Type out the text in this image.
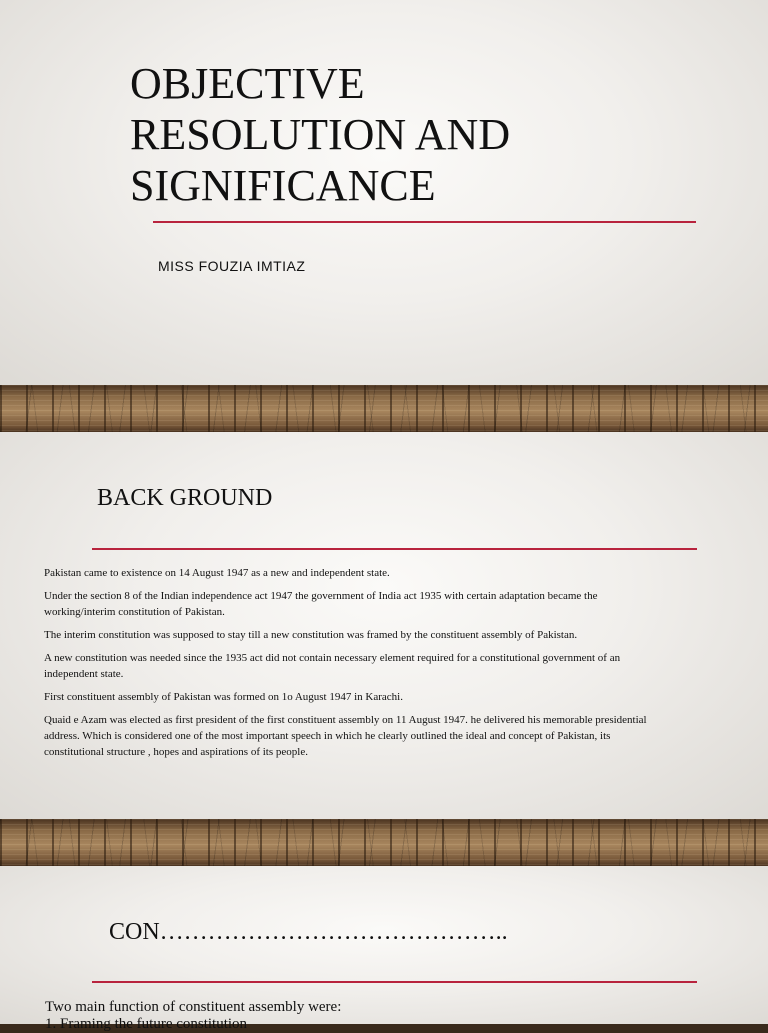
OBJECTIVE
RESOLUTION AND
SIGNIFICANCE
MISS FOUZIA IMTIAZ
BACK GROUND

Pakistan came to existence on 14 August 1947 as a new and independent state.

Under the section 8 of the Indian independence act 1947 the government of India act 1935 with certain adaptation became the working/interim constitution of Pakistan.

The interim constitution was supposed to stay till a new constitution was framed by the constituent assembly of Pakistan.

A new constitution was needed since the 1935 act did not contain necessary element required for a constitutional government of an independent state.

First constituent assembly of Pakistan was formed on 1o August 1947 in Karachi.

Quaid e Azam was elected as first president of the first constituent assembly on 11 August 1947. he delivered his memorable presidential address. Which is considered one of the most important speech in which he clearly outlined the ideal and concept of Pakistan, its constitutional structure , hopes and aspirations of its people.

CON……………………………………..
Two main function of constituent assembly were:
1. Framing the future constitution
